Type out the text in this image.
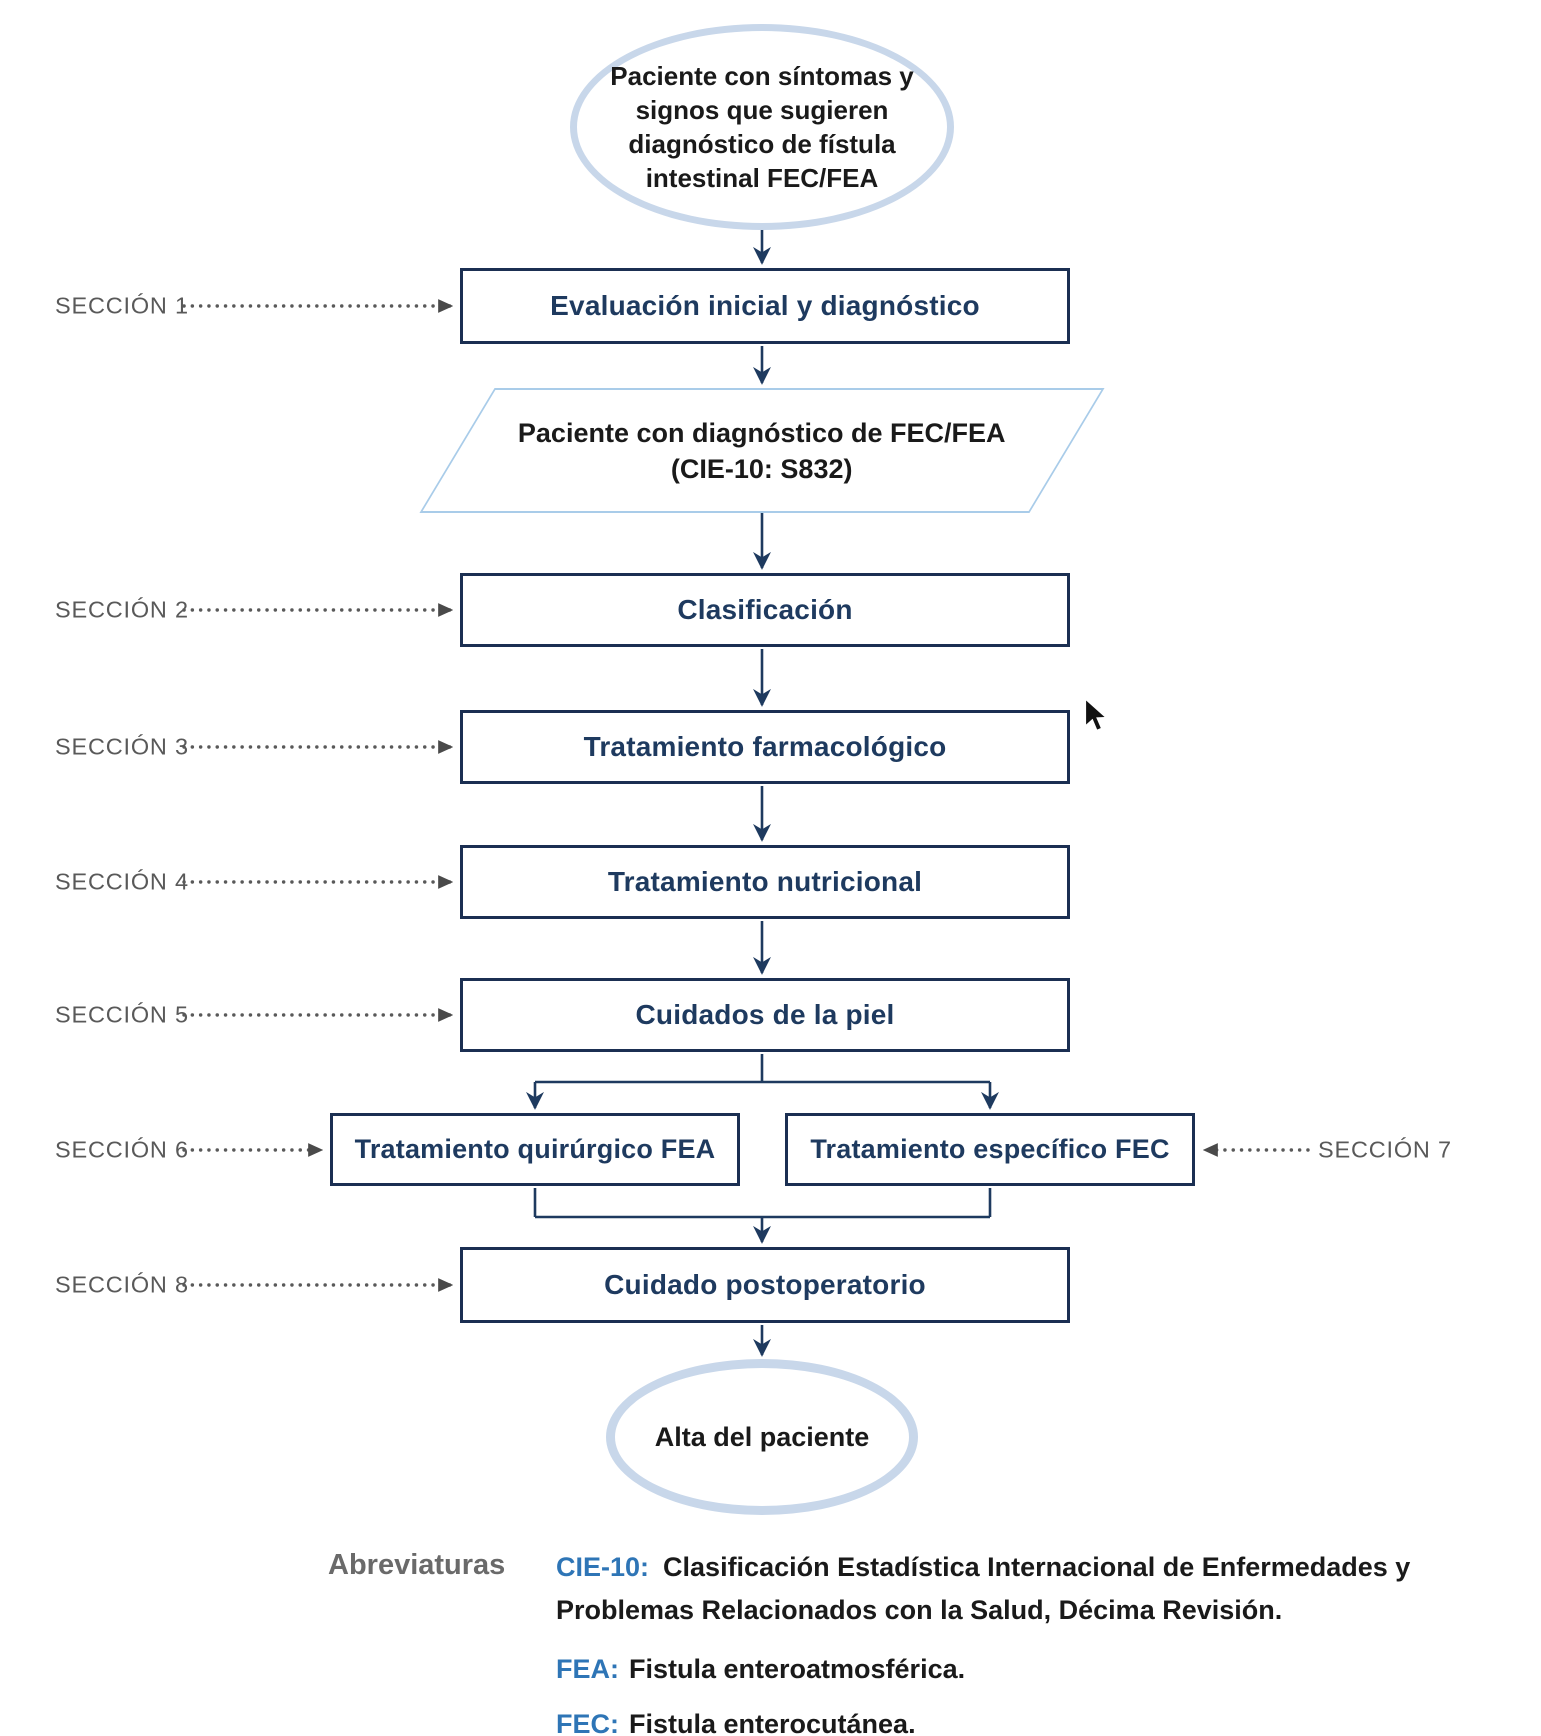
Paciente con síntomas y signos que sugieren diagnóstico de fístula intestinal FEC/FEA
Alta del paciente
Evaluación inicial y diagnóstico
Paciente con diagnóstico de FEC/FEA
(CIE-10: S832)
Clasificación
Tratamiento farmacológico
Tratamiento nutricional
Cuidados de la piel
Tratamiento quirúrgico FEA	Tratamiento específico FEC
Cuidado postoperatorio
SECCIÓN 1
SECCIÓN 2
SECCIÓN 3
SECCIÓN 4
SECCIÓN 5
SECCIÓN 6	SECCIÓN 7
SECCIÓN 8
Abreviaturas CIE-10: Clasificación Estadística Internacional de Enfermedades y Problemas Relacionados con la Salud, Décima Revisión.
FEA: Fistula enteroatmosférica.
FEC: Fistula enterocutánea.
